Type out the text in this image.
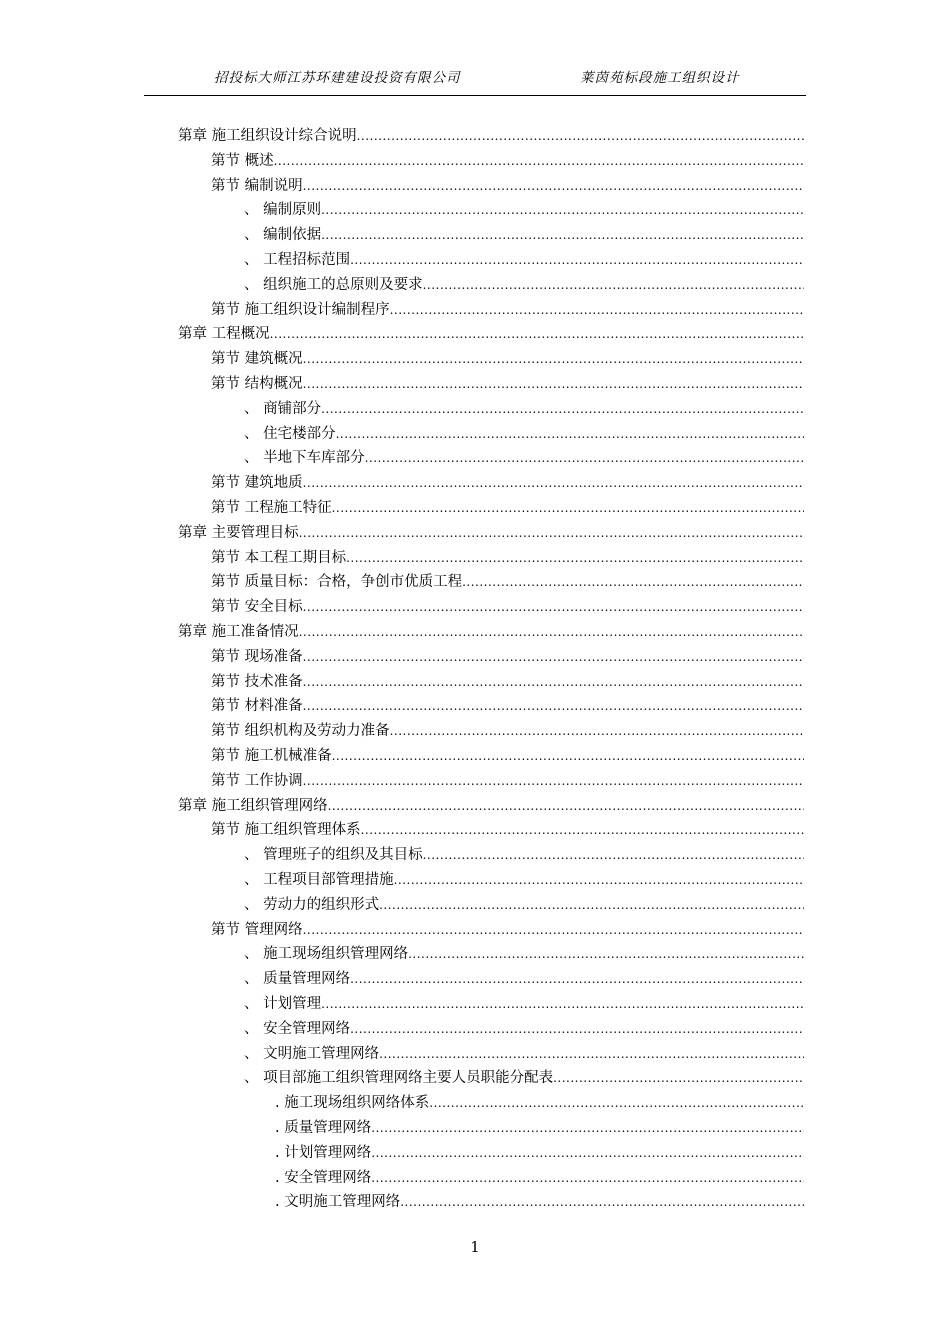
招投标大师江苏环建建设投资有限公司	莱茵苑标段施工组织设计
第章 施工组织设计综合说明
.....
第节 概述
.....
第节 编制说明
.....
、 编制原则
.....
、 编制依据
.....
、 工程招标范围
.....
、 组织施工的总原则及要求
.....
第节 施工组织设计编制程序
.....
第章 工程概况
.....
第节 建筑概况
.....
第节 结构概况
.....
、 商铺部分
.....
、 住宅楼部分
.....
、 半地下车库部分
.....
第节 建筑地质
.....
第节 工程施工特征
.....
第章 主要管理目标
.....
第节 本工程工期目标
.....
第节 质量目标：合格，争创市优质工程
.....
第节 安全目标
.....
第章 施工准备情况
.....
第节 现场准备
.....
第节 技术准备
.....
第节 材料准备
.....
第节 组织机构及劳动力准备
.....
第节 施工机械准备
.....
第节 工作协调
.....
第章 施工组织管理网络
.....
第节 施工组织管理体系
.....
、 管理班子的组织及其目标
.....
、 工程项目部管理措施
.....
、 劳动力的组织形式
.....
第节 管理网络
.....
、 施工现场组织管理网络
.....
、 质量管理网络
.....
、 计划管理
.....
、 安全管理网络
.....
、 文明施工管理网络
.....
、 项目部施工组织管理网络主要人员职能分配表
.....
. 施工现场组织网络体系
.....
. 质量管理网络
.....
. 计划管理网络
.....
. 安全管理网络
.....
. 文明施工管理网络
.....
1
